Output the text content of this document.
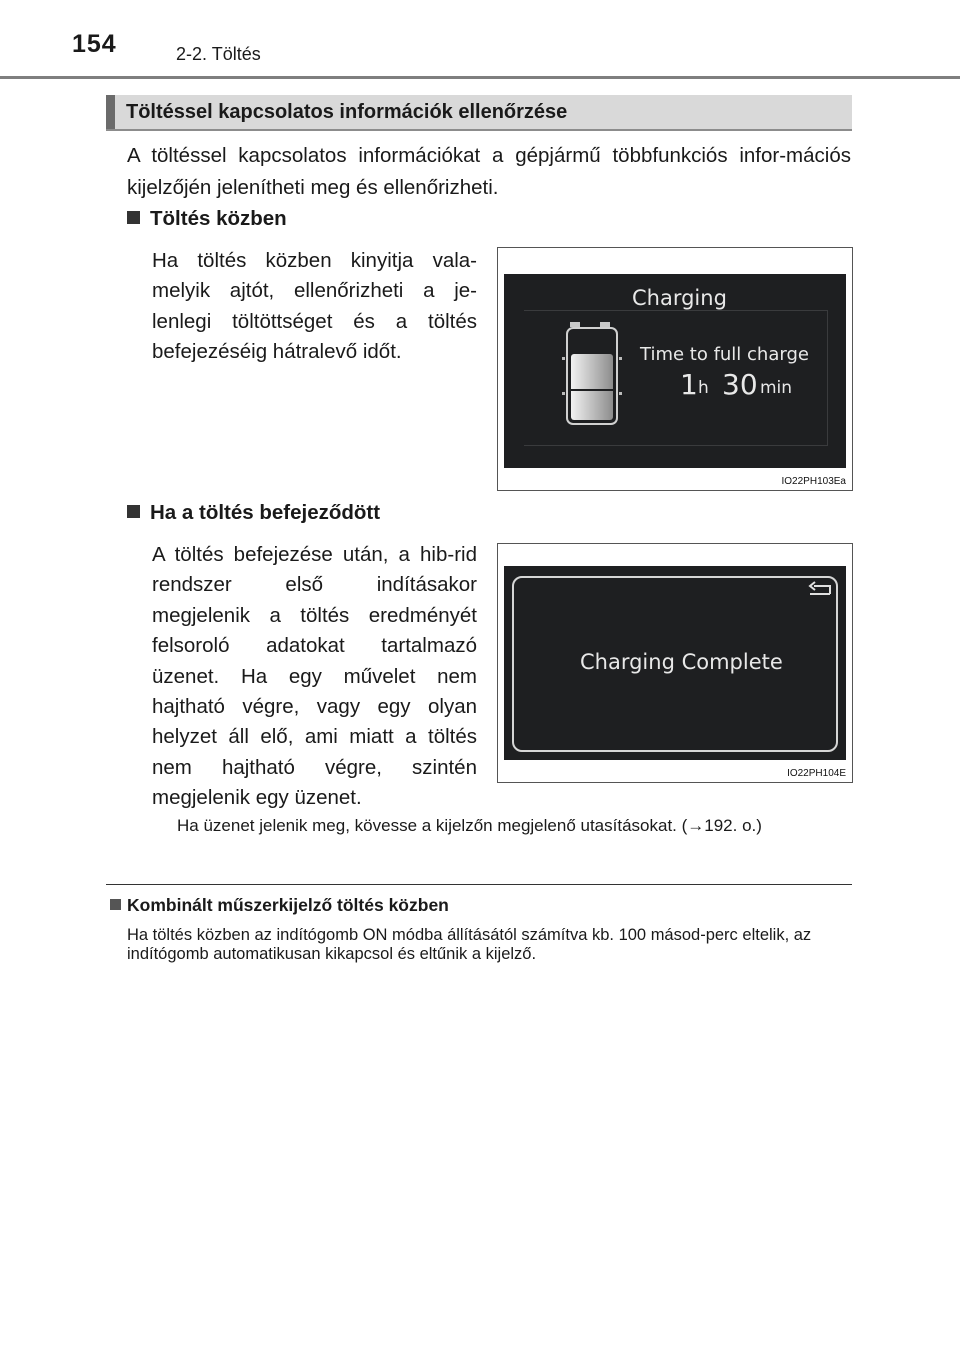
154	2-2. Töltés
Töltéssel kapcsolatos információk ellenőrzése
A töltéssel kapcsolatos információkat a gépjármű többfunkciós infor-mációs kijelzőjén jelenítheti meg és ellenőrizheti.
Töltés közben
Ha töltés közben kinyitja vala-melyik ajtót, ellenőrizheti a je-lenlegi töltöttséget és a töltés befejezéséig hátralevő időt.
Charging
Time to full charge
1 h 30 min
IO22PH103Ea
Ha a töltés befejeződött
A töltés befejezése után, a hib-rid rendszer első indításakor megjelenik a töltés eredményét felsoroló adatokat tartalmazó üzenet. Ha egy művelet nem hajtható végre, vagy egy olyan helyzet áll elő, ami miatt a töltés nem hajtható végre, szintén megjelenik egy üzenet.
Charging Complete
IO22PH104E
Ha üzenet jelenik meg, kövesse a kijelzőn megjelenő utasításokat. (→192. o.)
Kombinált műszerkijelző töltés közben
Ha töltés közben az indítógomb ON módba állításától számítva kb. 100 másod-perc eltelik, az indítógomb automatikusan kikapcsol és eltűnik a kijelző.
